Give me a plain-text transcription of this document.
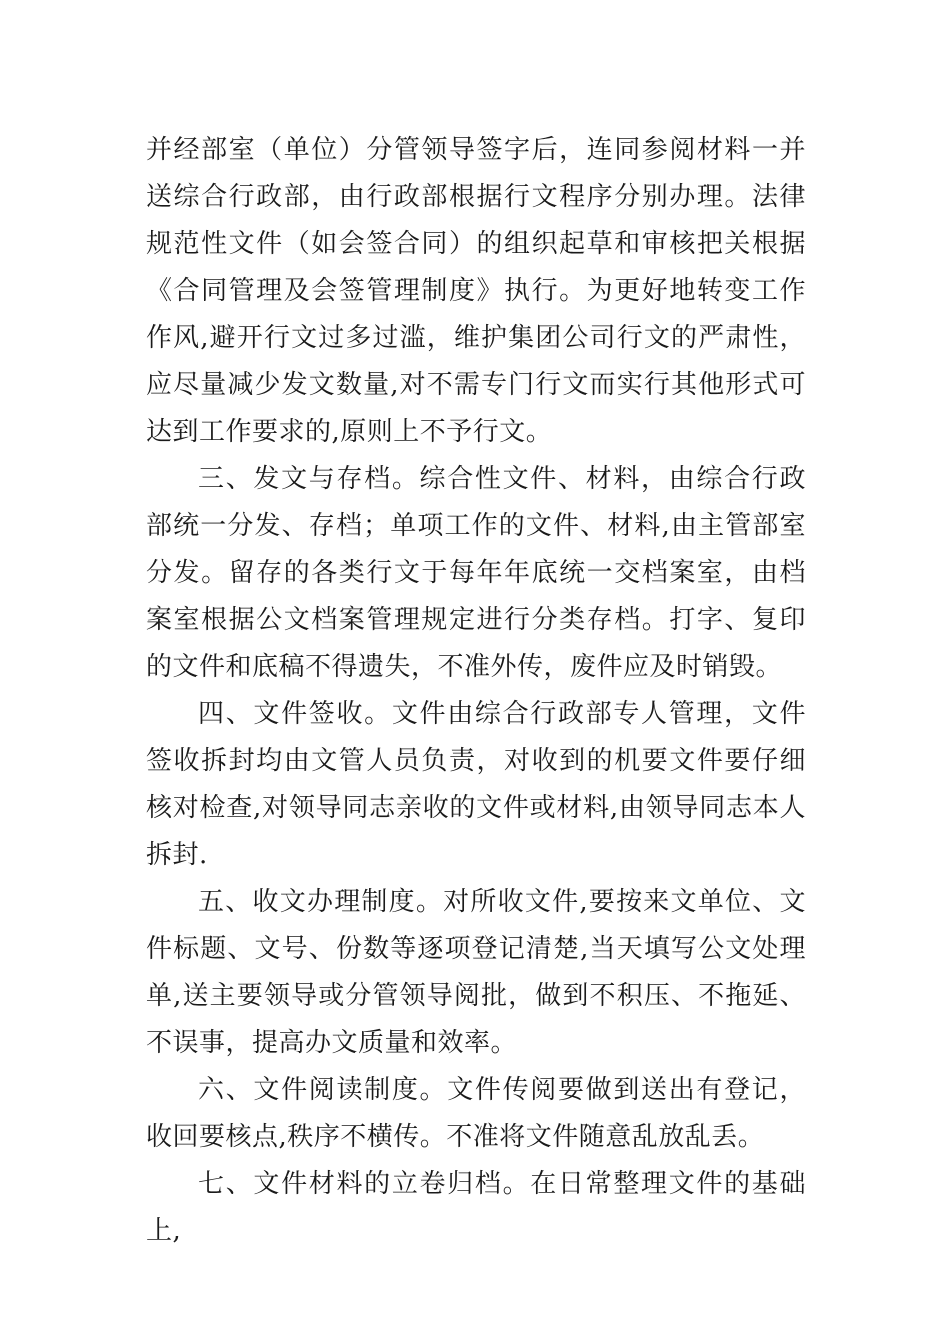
并经部室（单位）分管领导签字后，连同参阅材料一并送综合行政部，由行政部根据行文程序分别办理。法律规范性文件（如会签合同）的组织起草和审核把关根据《合同管理及会签管理制度》执行。为更好地转变工作作风,避开行文过多过滥，维护集团公司行文的严肃性，应尽量减少发文数量,对不需专门行文而实行其他形式可达到工作要求的,原则上不予行文。

三、发文与存档。综合性文件、材料，由综合行政部统一分发、存档；单项工作的文件、材料,由主管部室分发。留存的各类行文于每年年底统一交档案室，由档案室根据公文档案管理规定进行分类存档。打字、复印的文件和底稿不得遗失，不准外传，废件应及时销毁。

四、文件签收。文件由综合行政部专人管理，文件签收拆封均由文管人员负责，对收到的机要文件要仔细核对检查,对领导同志亲收的文件或材料,由领导同志本人拆封.

五、收文办理制度。对所收文件,要按来文单位、文件标题、文号、份数等逐项登记清楚,当天填写公文处理单,送主要领导或分管领导阅批，做到不积压、不拖延、不误事，提高办文质量和效率。

六、文件阅读制度。文件传阅要做到送出有登记，收回要核点,秩序不横传。不准将文件随意乱放乱丢。

七、文件材料的立卷归档。在日常整理文件的基础上,
